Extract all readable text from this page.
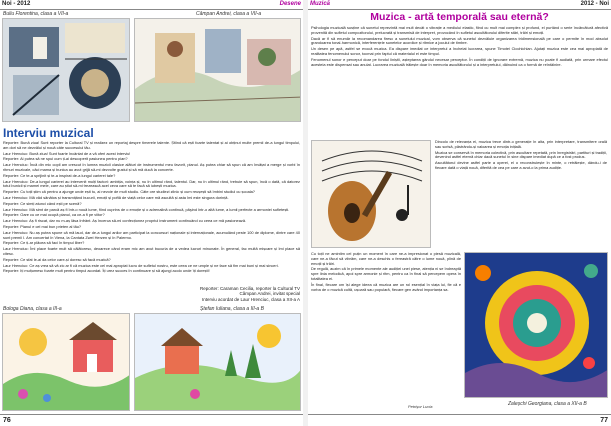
Noi - 2012	Desene
Buliu Florentina, clasa a VII-a	Câmpan Andrei, clasa a VII-a
Interviu muzical

Reporter: Bună ziua! Sunt reporter la Cultural TV și realizez un reportaj despre timerele talente. Știind că ești foarte talentat și ai obținut multe premii de-a lungul timpului, am dori să ne dezvălui și nouă câte succesului tău.

Laur Hrenciuc: Bună ziua! Sunt foarte încântat de a vă oferi acest interviu!

Reporter: Ai putea să ne spui cum ți-ai descoperit pasiunea pentru pian?

Laur Hrenciuc: Încă din mic copil am crescut în lumea muzicii clasice alături de instrumentul meu favorit, pianul. Aș putea chiar să spun că am învățat a merge și vorbi în ritmuri muzicale, căci mama și bunica au avut grijă să-mi dezvolte gustul și să mă ducă la concerte.

Reporter: Ce te-a sprijinit și te-a inspirat de-a lungul carierei tale?

Laur Hrenciuc: De-a lungul carierei au intervenit mulți factori: ambiția, voința și, nu în ultimul rând, talentul. Dar, nu în ultimul rând, trebuie să spun, încă o dată, că datorez totul bunicii și mamei mele, care au știut să-mi trezească acel ceva care să te facă să iubești muzica.

Reporter: Cu toții știm că pentru a ajunge unde ești tu, ai nevoie de mult studiu. Câte ore studiezi zilnic și cum reușești să îmbini studiul cu școala?

Laur Hrenciuc: Mă văd sănătos și transmițând bucurii, emoții și poftă de viață celor care mă ascultă și asta îmi este singura dorință.

Reporter: Ce simți atunci când ești pe scenă?

Laur Hrenciuc: Mă simt de parcă aș fi într-o nouă lume, fiind cuprins de o emoție și o adrenalină continuă, păşind într-o altă lume, a lumii perfecte a armoniei sufletești.

Reporter: Oare cu ce mai ocupă pianul, ca ce-a fi pe viitor?

Laur Hrenciuc: Aș fi riscat, dar nu m-aș lăsa înfrânt. Aș încerca să-mi confecționez propriul instrument continuând cu ceea ce mă pasionează.

Reporter: Pianul e cel mai bun prieten al tău?

Laur Hrenciuc: Nu aș putea spune că mă laud, dar de-a lungul anilor am participat la concursuri naționale și internaționale, acumulând peste 100 de diplome, dintre care 40 sunt premii I. Am concertat în Viena, la Cantata Zwei Herzen și în Palermo.

Reporter: Ce ți-ar plăcea să faci în timpul liber?

Laur Hrenciuc: Îmi place foarte mult să călătoresc, deoarece când eram mic am avut bucuria de a vedea lucruri minunate. În general, fac multă mișcare și îmi place să citesc.

Reporter: Ce sfat le-ai da celor care-și doresc să facă muzică?

Laur Hrenciuc: Ce aș vrea să vă zic ar fi că muzica este cel mai apropiat lucru de sufletul nostru, este ceea ce ne umple și ne face să fim mai buni și mai sinceri.

Reporter: Iți mulțumesc foarte mult pentru timpul acordat. Îți urez succes în continuare și să ajungi acolo unde îți dorești!

Reporter: Caraman Cecilia, reporter la Cultural TV
Câmpan Andrei, invitat special
Interviu acordat de Laur Hrenciuc, clasa a XII-a A
Bologa Diana, clasa a III-a	Ștefan Iuliana, clasa a III-a B
76
Muzică	2012 - Noi
Muzica - artă temporală sau eternă?

Psihologia muzicală susține că sunetul reprezintă mai mult decât o vibrație a mediului elastic, fiind cu mult mai complex și profund, el purtând o serie încărcătură afectivă provenită din sufletul compozitorului, prelucrată și transmisă de interpret, provocând în sufletul ascultătorului diferite stări, trăiri și emoții.

Dacă ar fi să enumăr la recomandarea firesc a sunetului muzical, vom observa că sunetul dezvăluie organizarea tridimensională pe care o permite în mod absolut grandoarea tonal-harmonică, interferențele sunetelor acordice și ritmice a jocului de timbre.

Un desen pe apă, astfel se evocă muzica. Ea dispare imediat ce interpretul a încheiat lucrarea, spune Timotei Ciochichian. Ajutați muzica este cea mai apropiată de realitatea fenomenului sonor, tocmai prin faptul că materialul ei este timpul.

Fenomenul sonor e perceput doar pe fondul liniștii, așteptarea gândul necesar perceptor. În condiții de ignorare extremă, muzica nu poate fi audiată, prin urmare efectul acesteia este dispensat sau anulat. Lucrarea muzicală trăiește doar în memoria ascultătorului și a interpretului, dăinuind ca o formă de reîntâlnire.

Dincolo de relevanța ei, muzica trece dintr-o generație în alta, prin interpretare, transmitere orală sau scrisă, păstrându-și valoarea și emoția inițială.

Muzica se conservă în memoria colectivă, prin ascultare repetată, prin înregistrări, partituri și tradiții, devenind astfel eternă chiar dacă sunetul în sine dispare imediat după ce a fost produs.

Ascultătorul devine astfel parte a operei, el o reconstruiește în minte, o retrăiește, dându-i de fiecare dată o viață nouă, diferită de cea pe care a avut-o la prima audiție.

Cu toții ne amintim cel puțin un moment în care ne-a impresionat o piesă muzicală, care ne-a făcut să vibrăm, care ne-a deschis o fereastră către o lume nouă, plină de emoții și trăiri.

De regulă, auzim că în primele momente ale audiției unei piese, atenția ni se îndreaptă spre linia melodică, apoi spre armonie și ritm, pentru ca în final să percepem opera în totalitatea ei.

În final, fiecare om își alege ideea că muzica are un rol esențial în viața lui, fie că e vorba de o muzică cultă, ușoară sau populară, fiecare gen având importanța sa.

Petrișor Lucia	Zaleșchi Georgiana, clasa a XII-a B
77
